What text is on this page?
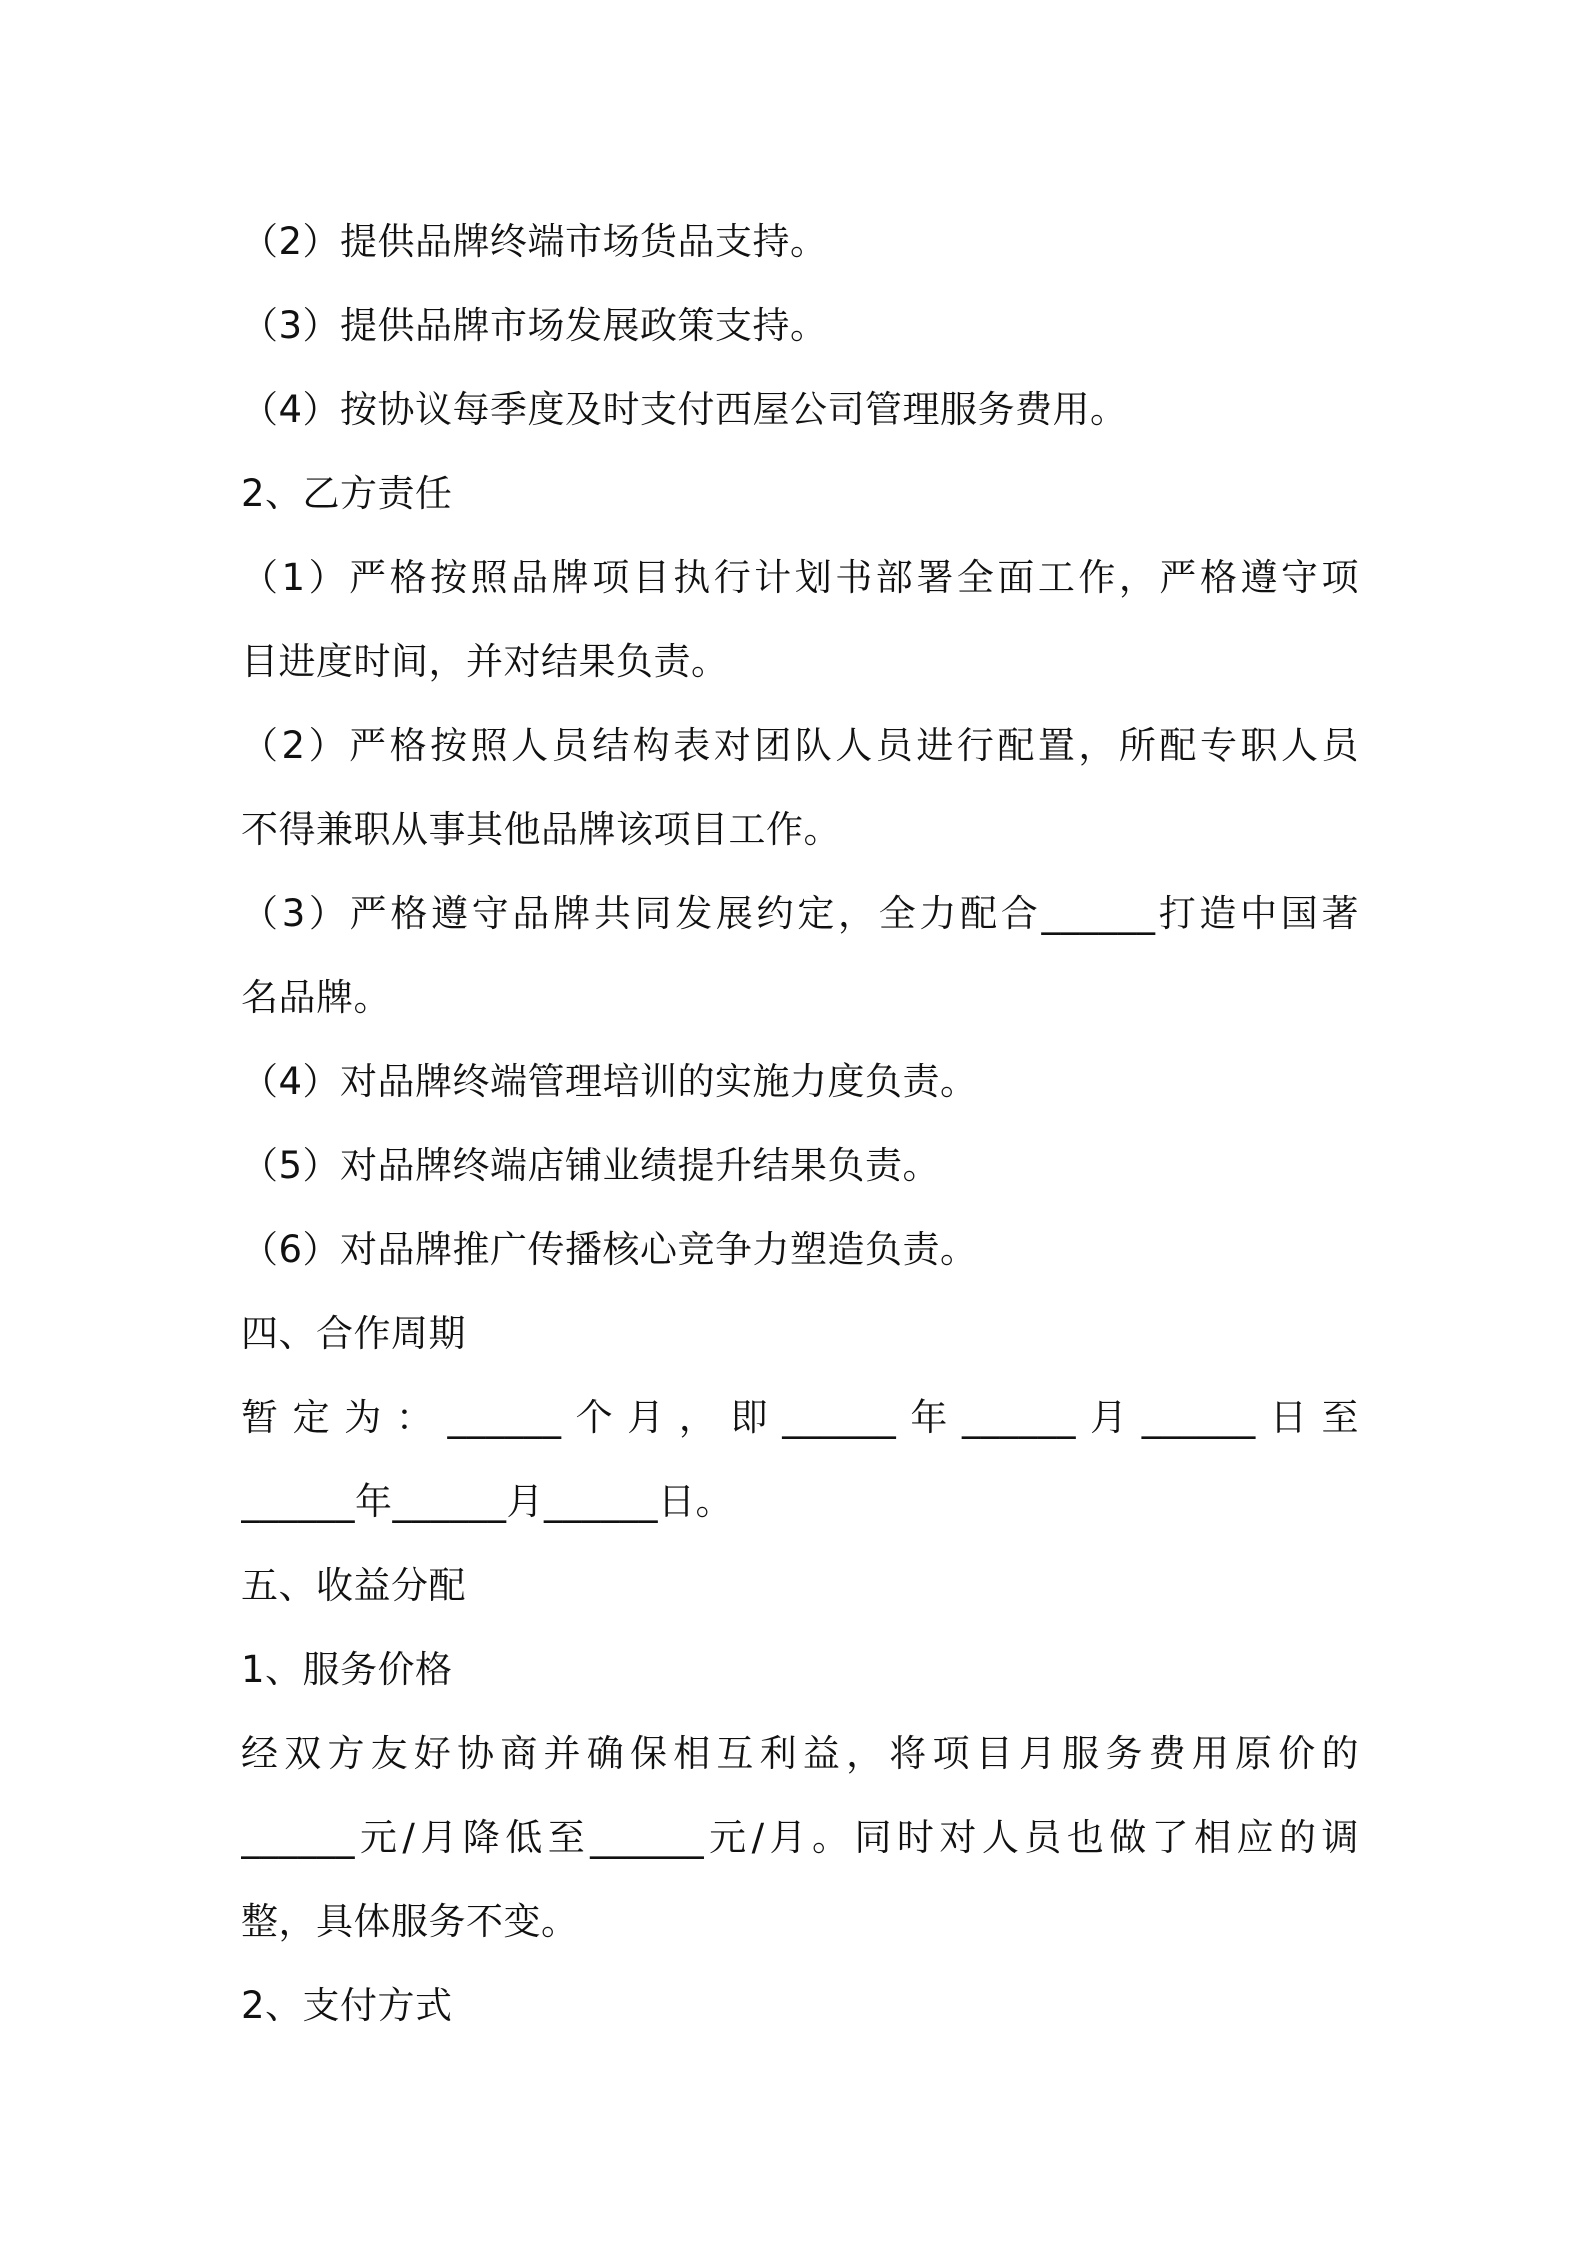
（2）提供品牌终端市场货品支持。
（3）提供品牌市场发展政策支持。
（4）按协议每季度及时支付西屋公司管理服务费用。
2、乙方责任
（1）严格按照品牌项目执行计划书部署全面工作，严格遵守项
目进度时间，并对结果负责。
（2）严格按照人员结构表对团队人员进行配置，所配专职人员
不得兼职从事其他品牌该项目工作。
（3）严格遵守品牌共同发展约定，全力配合______打造中国著
名品牌。
（4）对品牌终端管理培训的实施力度负责。
（5）对品牌终端店铺业绩提升结果负责。
（6）对品牌推广传播核心竞争力塑造负责。
四、合作周期
暂定为：______个月，即______年______月______日至
______年______月______日。
五、收益分配
1、服务价格
经双方友好协商并确保相互利益，将项目月服务费用原价的
______元/月降低至______元/月。同时对人员也做了相应的调
整，具体服务不变。
2、支付方式
